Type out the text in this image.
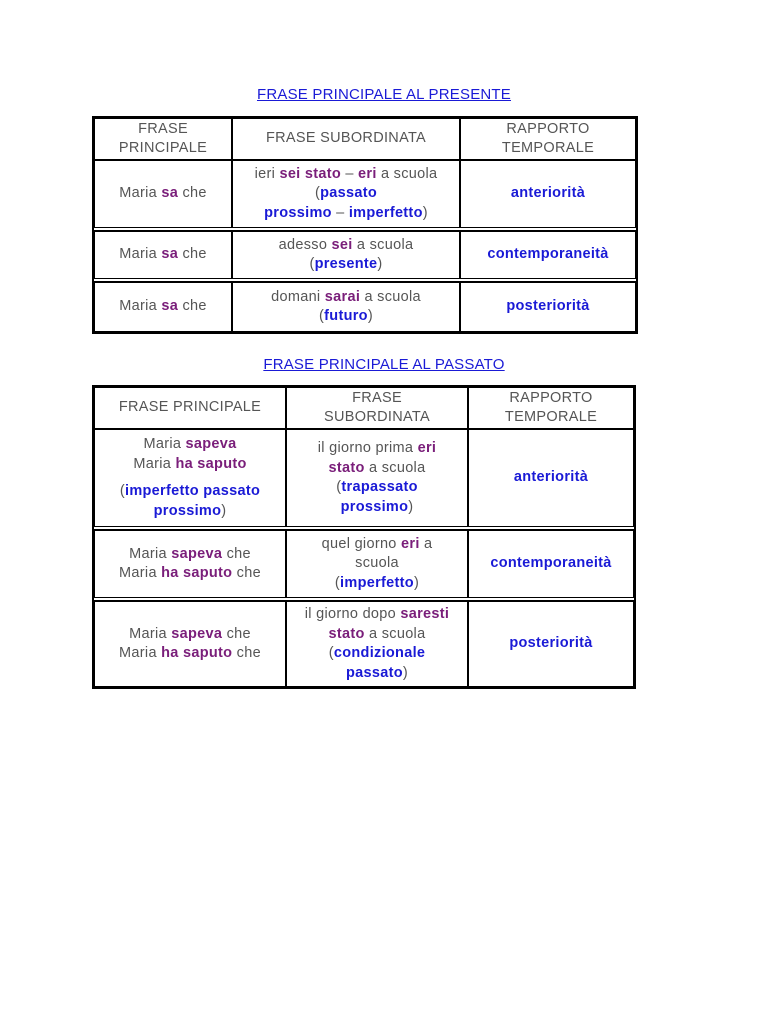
FRASE PRINCIPALE AL PRESENTE
FRASE
PRINCIPALE	FRASE SUBORDINATA	RAPPORTO
TEMPORALE

Maria sa che	ieri sei stato – eri a scuola
(passato
prossimo – imperfetto)	anteriorità

Maria sa che	adesso sei a scuola
(presente)	contemporaneità

Maria sa che	domani sarai a scuola
(futuro)	posteriorità
FRASE PRINCIPALE AL PASSATO
FRASE PRINCIPALE	FRASE
SUBORDINATA	RAPPORTO
TEMPORALE

Maria sapeva
Maria ha saputo
(imperfetto passato
prossimo)	il giorno prima eri
stato a scuola
(trapassato
prossimo)	anteriorità

Maria sapeva che
Maria ha saputo che	quel giorno eri a
scuola
(imperfetto)	contemporaneità

Maria sapeva che
Maria ha saputo che	il giorno dopo saresti
stato a scuola
(condizionale
passato)	posteriorità
